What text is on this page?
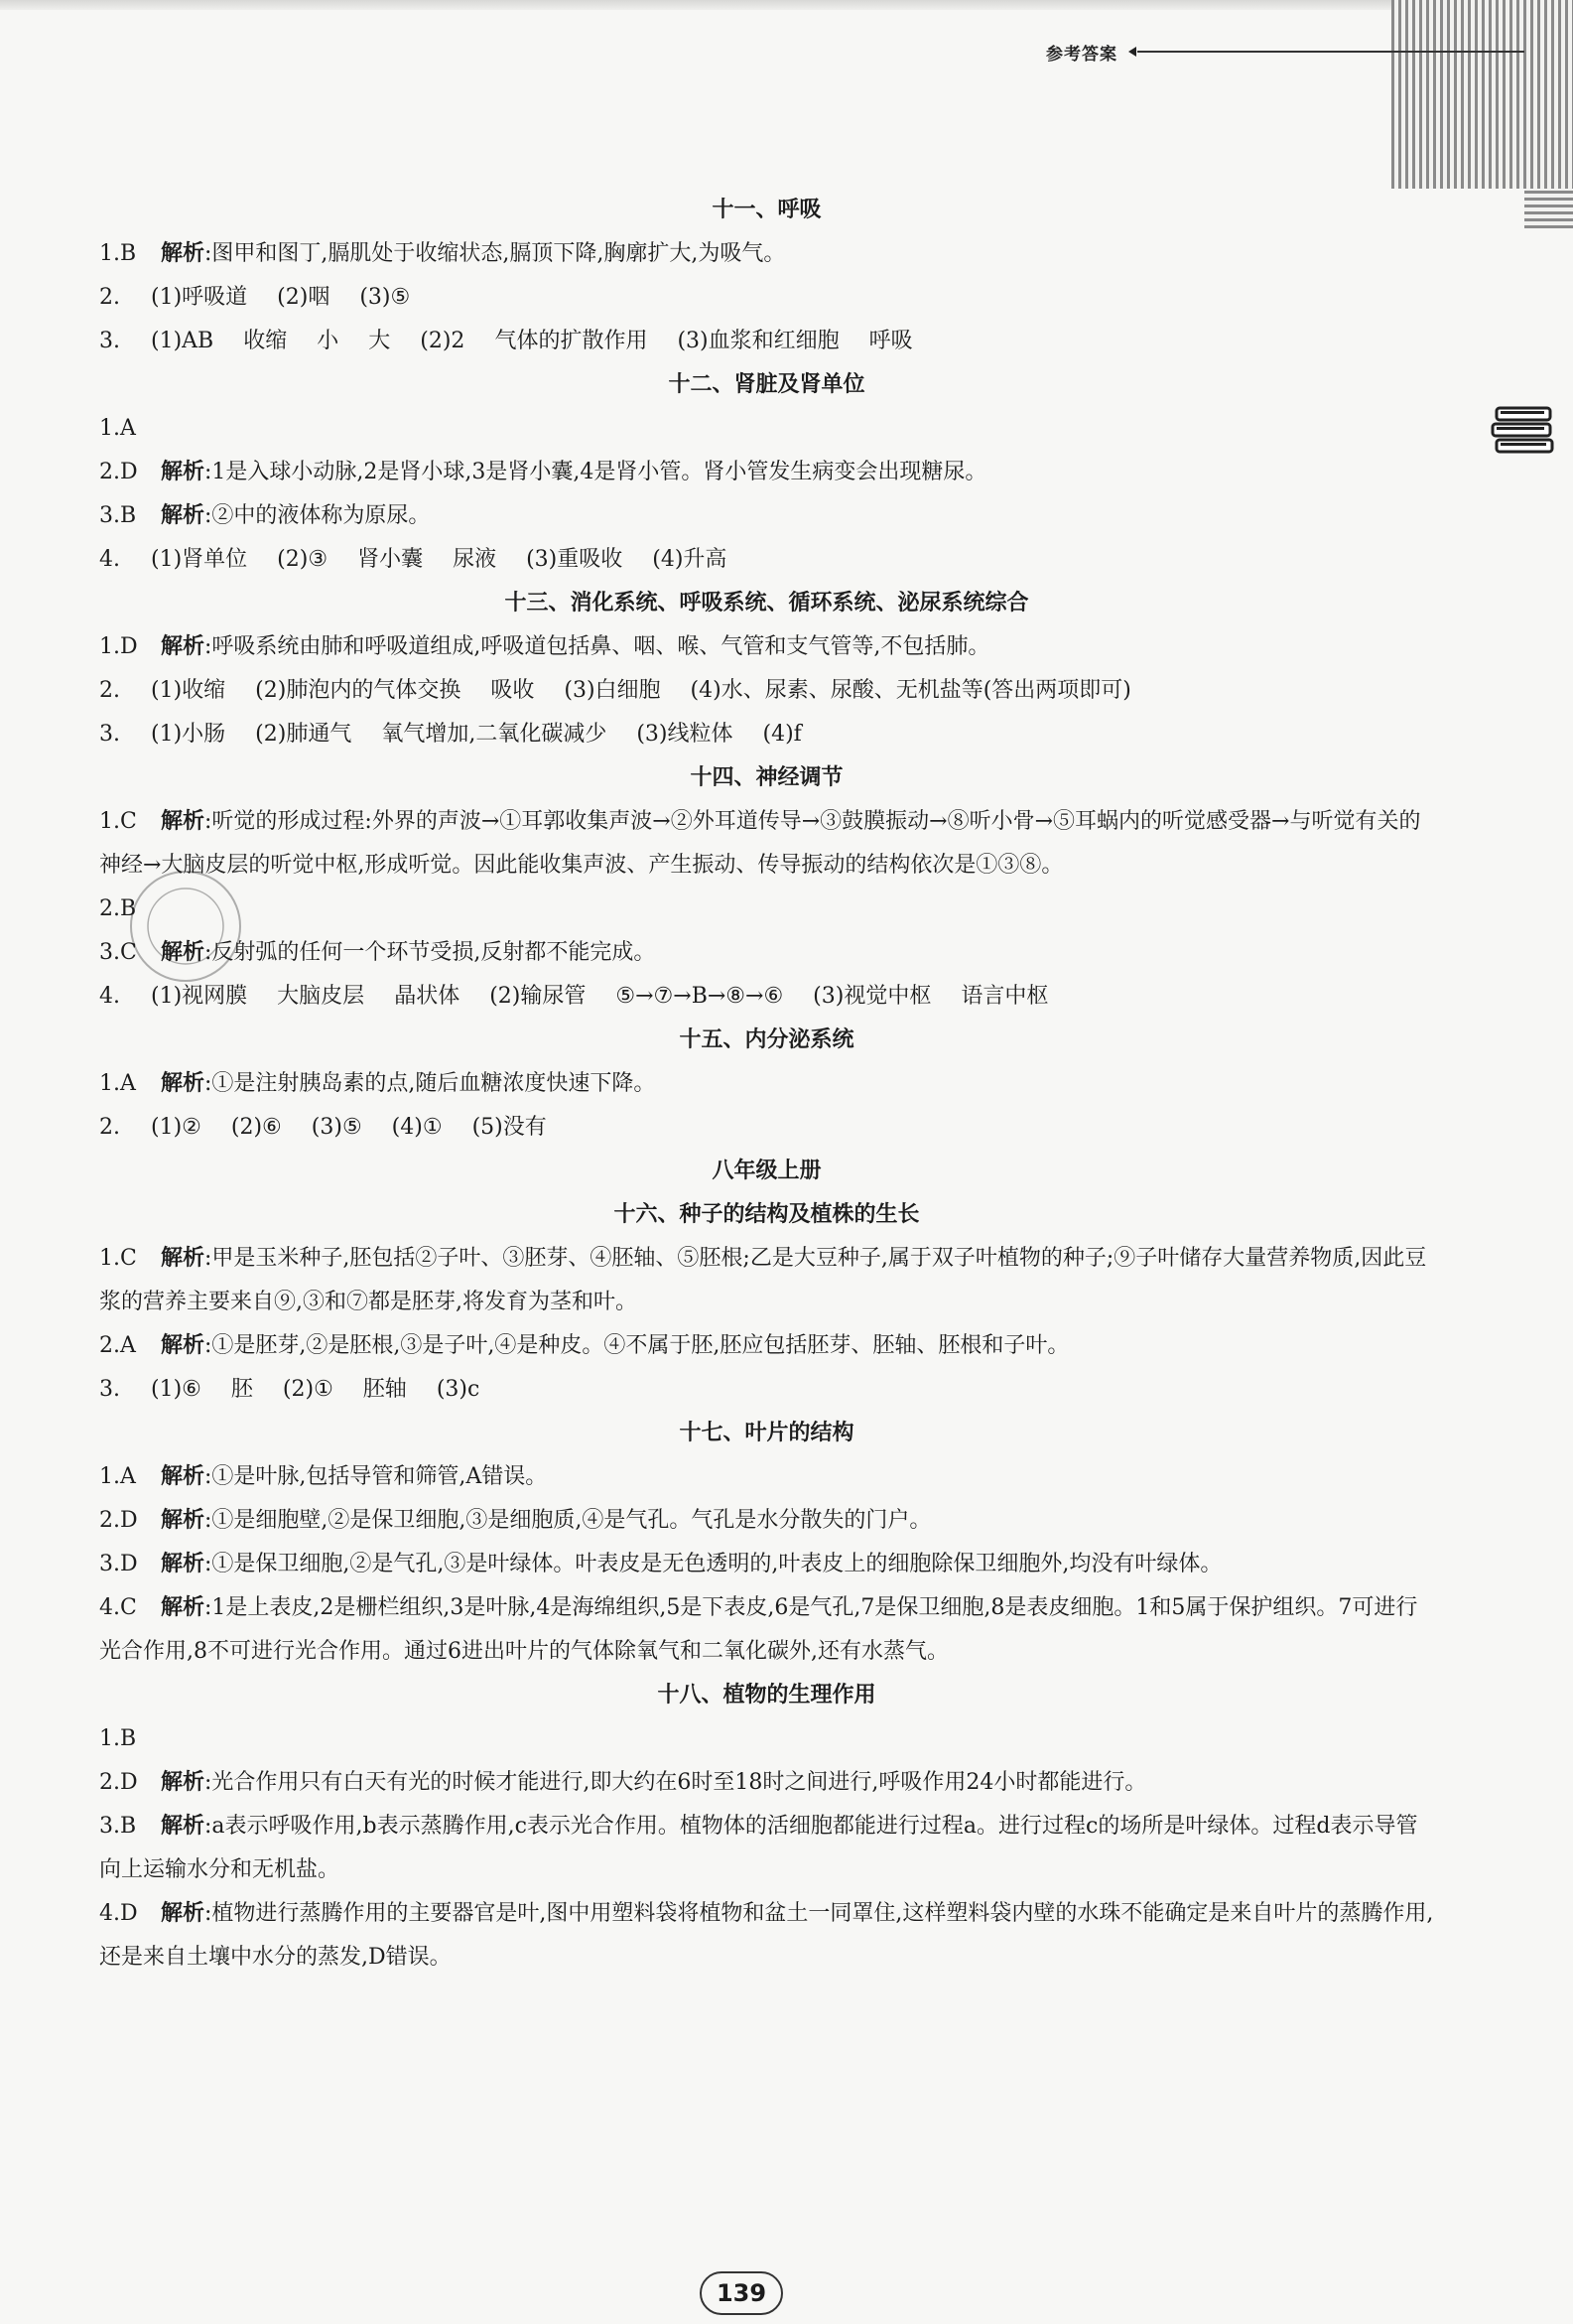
参考答案
十一、呼吸
1.B 解析:图甲和图丁,膈肌处于收缩状态,膈顶下降,胸廓扩大,为吸气。
2. (1)呼吸道 (2)咽 (3)⑤
3. (1)AB 收缩 小 大 (2)2 气体的扩散作用 (3)血浆和红细胞 呼吸
十二、肾脏及肾单位
1.A
2.D 解析:1是入球小动脉,2是肾小球,3是肾小囊,4是肾小管。肾小管发生病变会出现糖尿。
3.B 解析:②中的液体称为原尿。
4. (1)肾单位 (2)③ 肾小囊 尿液 (3)重吸收 (4)升高
十三、消化系统、呼吸系统、循环系统、泌尿系统综合
1.D 解析:呼吸系统由肺和呼吸道组成,呼吸道包括鼻、咽、喉、气管和支气管等,不包括肺。
2. (1)收缩 (2)肺泡内的气体交换 吸收 (3)白细胞 (4)水、尿素、尿酸、无机盐等(答出两项即可)
3. (1)小肠 (2)肺通气 氧气增加,二氧化碳减少 (3)线粒体 (4)f
十四、神经调节
1.C 解析:听觉的形成过程:外界的声波→①耳郭收集声波→②外耳道传导→③鼓膜振动→⑧听小骨→⑤耳蜗内的听觉感受器→与听觉有关的神经→大脑皮层的听觉中枢,形成听觉。因此能收集声波、产生振动、传导振动的结构依次是①③⑧。
2.B
3.C 解析:反射弧的任何一个环节受损,反射都不能完成。
4. (1)视网膜 大脑皮层 晶状体 (2)输尿管 ⑤→⑦→B→⑧→⑥ (3)视觉中枢 语言中枢
十五、内分泌系统
1.A 解析:①是注射胰岛素的点,随后血糖浓度快速下降。
2. (1)② (2)⑥ (3)⑤ (4)① (5)没有
八年级上册
十六、种子的结构及植株的生长
1.C 解析:甲是玉米种子,胚包括②子叶、③胚芽、④胚轴、⑤胚根;乙是大豆种子,属于双子叶植物的种子;⑨子叶储存大量营养物质,因此豆浆的营养主要来自⑨,③和⑦都是胚芽,将发育为茎和叶。
2.A 解析:①是胚芽,②是胚根,③是子叶,④是种皮。④不属于胚,胚应包括胚芽、胚轴、胚根和子叶。
3. (1)⑥ 胚 (2)① 胚轴 (3)c
十七、叶片的结构
1.A 解析:①是叶脉,包括导管和筛管,A错误。
2.D 解析:①是细胞壁,②是保卫细胞,③是细胞质,④是气孔。气孔是水分散失的门户。
3.D 解析:①是保卫细胞,②是气孔,③是叶绿体。叶表皮是无色透明的,叶表皮上的细胞除保卫细胞外,均没有叶绿体。
4.C 解析:1是上表皮,2是栅栏组织,3是叶脉,4是海绵组织,5是下表皮,6是气孔,7是保卫细胞,8是表皮细胞。1和5属于保护组织。7可进行光合作用,8不可进行光合作用。通过6进出叶片的气体除氧气和二氧化碳外,还有水蒸气。
十八、植物的生理作用
1.B
2.D 解析:光合作用只有白天有光的时候才能进行,即大约在6时至18时之间进行,呼吸作用24小时都能进行。
3.B 解析:a表示呼吸作用,b表示蒸腾作用,c表示光合作用。植物体的活细胞都能进行过程a。进行过程c的场所是叶绿体。过程d表示导管向上运输水分和无机盐。
4.D 解析:植物进行蒸腾作用的主要器官是叶,图中用塑料袋将植物和盆土一同罩住,这样塑料袋内壁的水珠不能确定是来自叶片的蒸腾作用,还是来自土壤中水分的蒸发,D错误。
139
